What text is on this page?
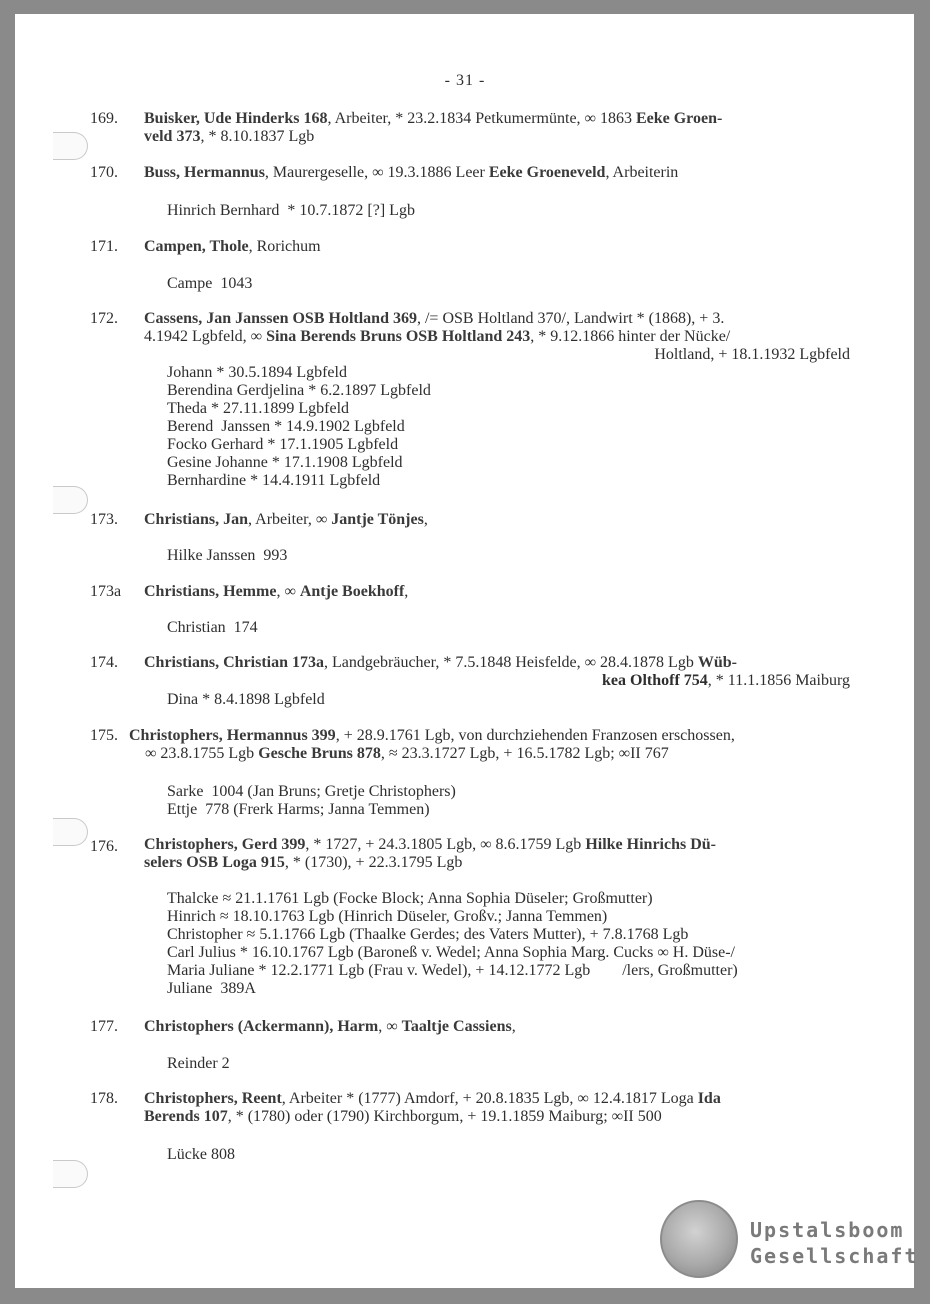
- 31 -
169. Buisker, Ude Hinderks 168, Arbeiter, * 23.2.1834 Petkumermünte, ∞ 1863 Eeke Groen-
veld 373, * 8.10.1837 Lgb
170. Buss, Hermannus, Maurergeselle, ∞ 19.3.1886 Leer Eeke Groeneveld, Arbeiterin
Hinrich Bernhard  * 10.7.1872 [?] Lgb
171. Campen, Thole, Rorichum
Campe  1043
172. Cassens, Jan Janssen OSB Holtland 369, /= OSB Holtland 370/, Landwirt * (1868), + 3.
4.1942 Lgbfeld, ∞ Sina Berends Bruns OSB Holtland 243, * 9.12.1866 hinter der Nücke/
Holtland, + 18.1.1932 Lgbfeld
Johann * 30.5.1894 Lgbfeld
Berendina Gerdjelina * 6.2.1897 Lgbfeld
Theda * 27.11.1899 Lgbfeld
Berend  Janssen * 14.9.1902 Lgbfeld
Focko Gerhard * 17.1.1905 Lgbfeld
Gesine Johanne * 17.1.1908 Lgbfeld
Bernhardine * 14.4.1911 Lgbfeld
173. Christians, Jan, Arbeiter, ∞ Jantje Tönjes,
Hilke Janssen  993
173a Christians, Hemme, ∞ Antje Boekhoff,
Christian  174
174. Christians, Christian 173a, Landgebräucher, * 7.5.1848 Heisfelde, ∞ 28.4.1878 Lgb Wüb-
kea Olthoff 754, * 11.1.1856 Maiburg
Dina * 8.4.1898 Lgbfeld
175. Christophers, Hermannus 399, + 28.9.1761 Lgb, von durchziehenden Franzosen erschossen,
∞ 23.8.1755 Lgb Gesche Bruns 878, ≈ 23.3.1727 Lgb, + 16.5.1782 Lgb; ∞II 767
Sarke  1004 (Jan Bruns; Gretje Christophers)
Ettje  778 (Frerk Harms; Janna Temmen)
176. Christophers, Gerd 399, * 1727, + 24.3.1805 Lgb, ∞ 8.6.1759 Lgb Hilke Hinrichs Dü-
selers OSB Loga 915, * (1730), + 22.3.1795 Lgb
Thalcke ≈ 21.1.1761 Lgb (Focke Block; Anna Sophia Düseler; Großmutter)
Hinrich ≈ 18.10.1763 Lgb (Hinrich Düseler, Großv.; Janna Temmen)
Christopher ≈ 5.1.1766 Lgb (Thaalke Gerdes; des Vaters Mutter), + 7.8.1768 Lgb
Carl Julius * 16.10.1767 Lgb (Baroneß v. Wedel; Anna Sophia Marg. Cucks ∞ H. Düse-/
Maria Juliane * 12.2.1771 Lgb (Frau v. Wedel), + 14.12.1772 Lgb        /lers, Großmutter)
Juliane  389A
177. Christophers (Ackermann), Harm, ∞ Taaltje Cassiens,
Reinder 2
178. Christophers, Reent, Arbeiter * (1777) Amdorf, + 20.8.1835 Lgb, ∞ 12.4.1817 Loga Ida
Berends 107, * (1780) oder (1790) Kirchborgum, + 19.1.1859 Maiburg; ∞II 500
Lücke 808
Upstalsboom
Gesellschaft
